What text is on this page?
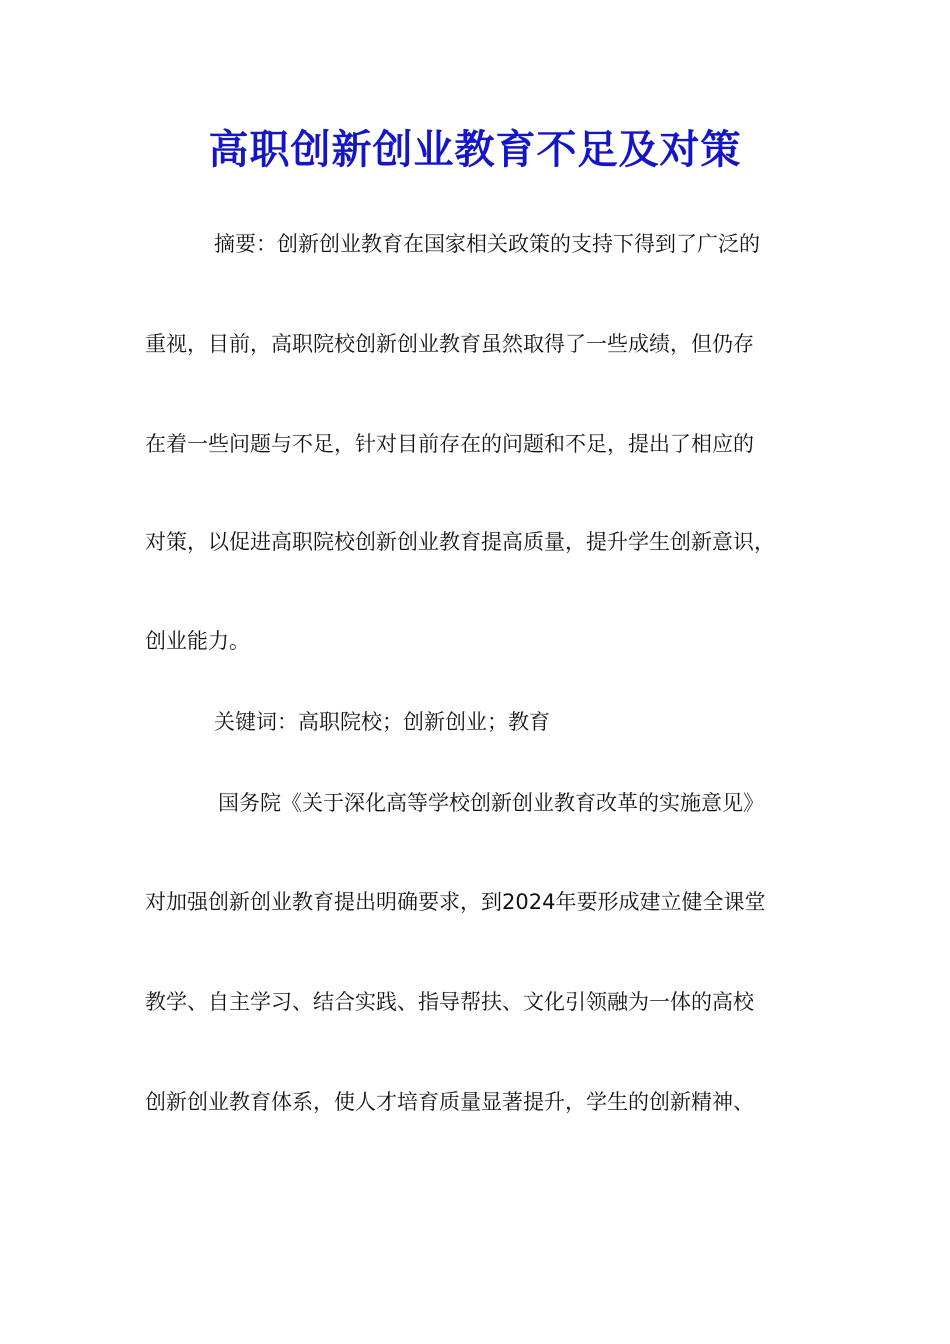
高职创新创业教育不足及对策
摘要：创新创业教育在国家相关政策的支持下得到了广泛的
重视，目前，高职院校创新创业教育虽然取得了一些成绩，但仍存
在着一些问题与不足，针对目前存在的问题和不足，提出了相应的
对策，以促进高职院校创新创业教育提高质量，提升学生创新意识，
创业能力。
关键词：高职院校；创新创业；教育
国务院《关于深化高等学校创新创业教育改革的实施意见》
对加强创新创业教育提出明确要求，到2024年要形成建立健全课堂
教学、自主学习、结合实践、指导帮扶、文化引领融为一体的高校
创新创业教育体系，使人才培育质量显著提升，学生的创新精神、
